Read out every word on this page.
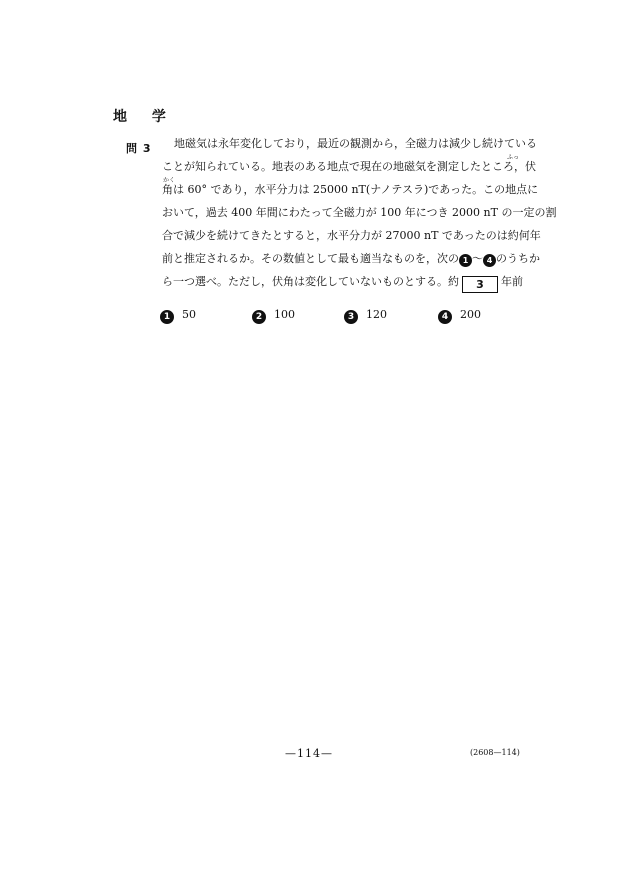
地 学
問 3
ふっ
かく
地磁気は永年変化しており，最近の観測から，全磁力は減少し続けている
ことが知られている。地表のある地点で現在の地磁気を測定したところ，伏
角は 60° であり，水平分力は 25000 nT(ナノテスラ)であった。この地点に
おいて，過去 400 年間にわたって全磁力が 100 年につき 2000 nT の一定の割
合で減少を続けてきたとすると，水平分力が 27000 nT であったのは約何年
前と推定されるか。その数値として最も適当なものを，次の 1 〜 4 のうちか
ら一つ選べ。ただし，伏角は変化していないものとする。約 3 年前
1 50	2 100	3 120	4 200
—114—	(2608—114)
